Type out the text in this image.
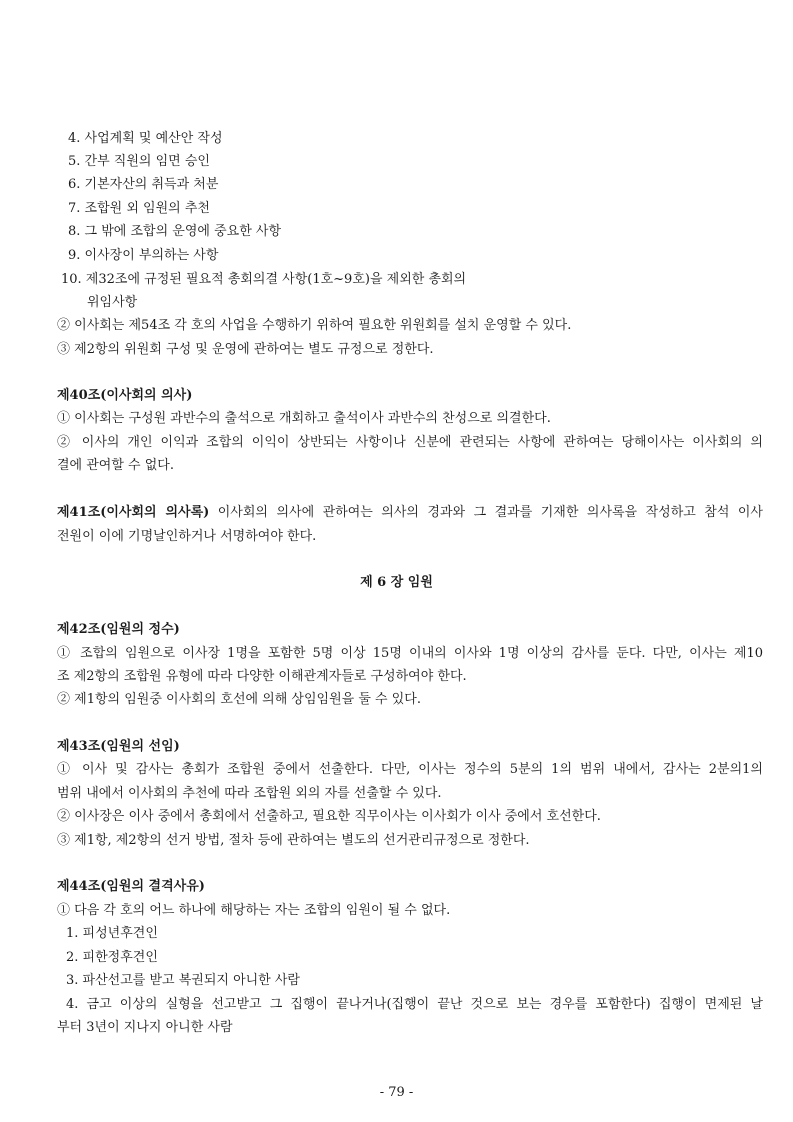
4. 사업계획 및 예산안 작성
5. 간부 직원의 임면 승인
6. 기본자산의 취득과 처분
7. 조합원 외 임원의 추천
8. 그 밖에 조합의 운영에 중요한 사항
9. 이사장이 부의하는 사항
10. 제32조에 규정된 필요적 총회의결 사항(1호~9호)을 제외한 총회의
위임사항
② 이사회는 제54조 각 호의 사업을 수행하기 위하여 필요한 위원회를 설치 운영할 수 있다.
③ 제2항의 위원회 구성 및 운영에 관하여는 별도 규정으로 정한다.
제40조(이사회의 의사)
① 이사회는 구성원 과반수의 출석으로 개회하고 출석이사 과반수의 찬성으로 의결한다.
② 이사의 개인 이익과 조합의 이익이 상반되는 사항이나 신분에 관련되는 사항에 관하여는 당해이사는 이사회의 의
결에 관여할 수 없다.
제41조(이사회의 의사록) 이사회의 의사에 관하여는 의사의 경과와 그 결과를 기재한 의사록을 작성하고 참석 이사
전원이 이에 기명날인하거나 서명하여야 한다.
제 6 장 임원
제42조(임원의 정수)
① 조합의 임원으로 이사장 1명을 포함한 5명 이상 15명 이내의 이사와 1명 이상의 감사를 둔다. 다만, 이사는 제10
조 제2항의 조합원 유형에 따라 다양한 이해관계자들로 구성하여야 한다.
② 제1항의 임원중 이사회의 호선에 의해 상임임원을 둘 수 있다.
제43조(임원의 선임)
① 이사 및 감사는 총회가 조합원 중에서 선출한다. 다만, 이사는 정수의 5분의 1의 범위 내에서, 감사는 2분의1의
범위 내에서 이사회의 추천에 따라 조합원 외의 자를 선출할 수 있다.
② 이사장은 이사 중에서 총회에서 선출하고, 필요한 직무이사는 이사회가 이사 중에서 호선한다.
③ 제1항, 제2항의 선거 방법, 절차 등에 관하여는 별도의 선거관리규정으로 정한다.
제44조(임원의 결격사유)
① 다음 각 호의 어느 하나에 해당하는 자는 조합의 임원이 될 수 없다.
1. 피성년후견인
2. 피한정후견인
3. 파산선고를 받고 복권되지 아니한 사람
4. 금고 이상의 실형을 선고받고 그 집행이 끝나거나(집행이 끝난 것으로 보는 경우를 포함한다) 집행이 면제된 날
부터 3년이 지나지 아니한 사람
- 79 -
